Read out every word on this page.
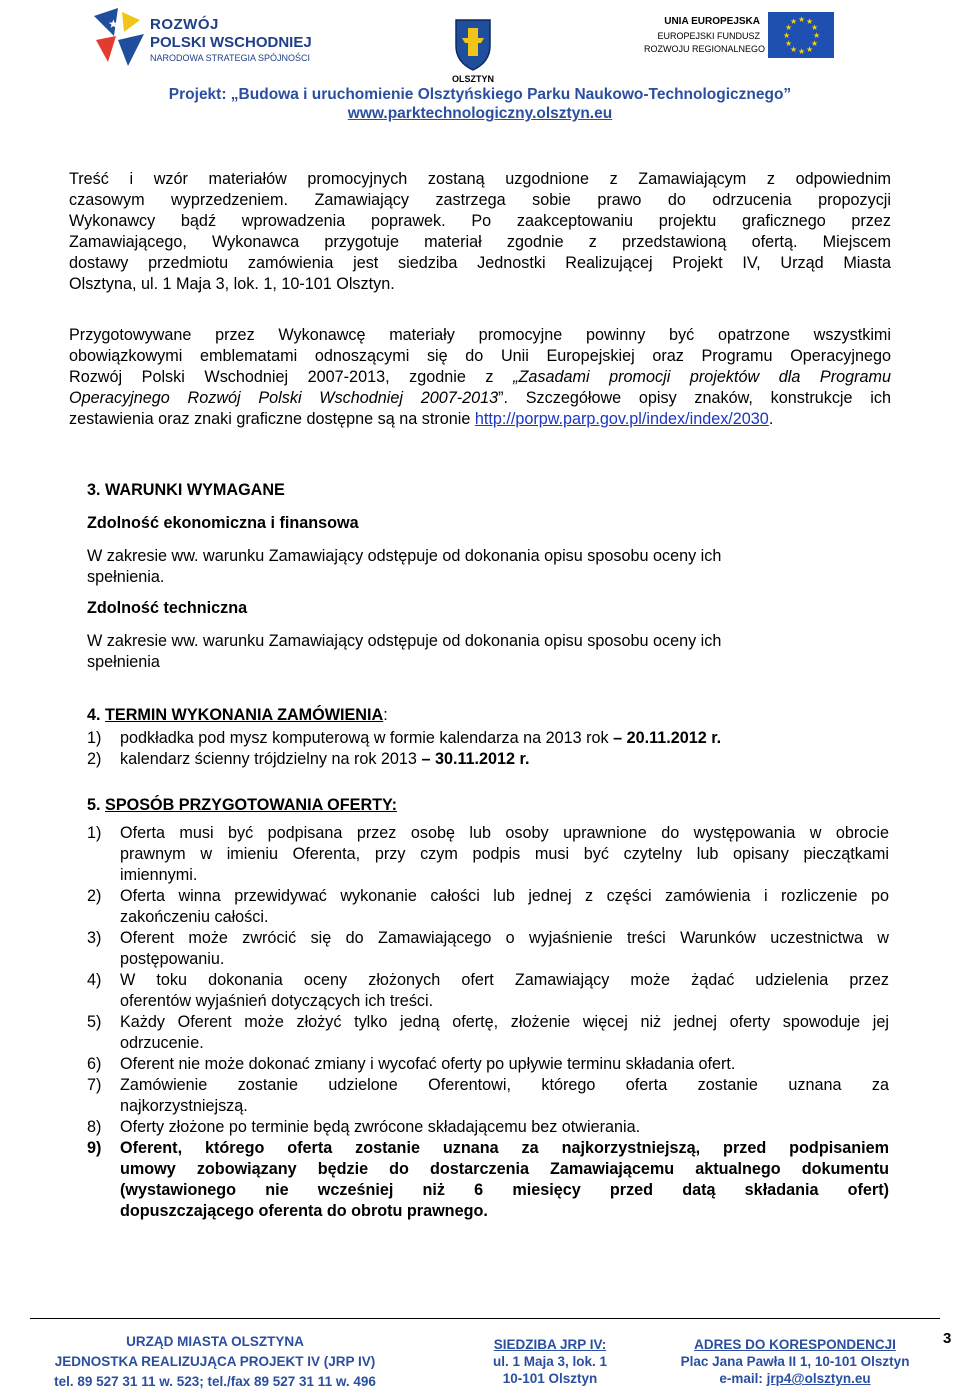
★ ROZWÓJ
POLSKI WSCHODNIEJ
NARODOWA STRATEGIA SPÓJNOŚCI
OLSZTYN
UNIA EUROPEJSKA
EUROPEJSKI FUNDUSZ
ROZWOJU REGIONALNEGO
★ ★
★
★
★
★
★
★
★
★
★
★
Projekt: „Budowa i uruchomienie Olsztyńskiego Parku Naukowo-Technologicznego”
www.parktechnologiczny.olsztyn.eu
Treść i wzór materiałów promocyjnych zostaną uzgodnione z Zamawiającym z odpowiednim
czasowym wyprzedzeniem. Zamawiający zastrzega sobie prawo do odrzucenia propozycji
Wykonawcy bądź wprowadzenia poprawek. Po zaakceptowaniu projektu graficznego przez
Zamawiającego, Wykonawca przygotuje materiał zgodnie z przedstawioną ofertą. Miejscem
dostawy przedmiotu zamówienia jest siedziba Jednostki Realizującej Projekt IV, Urząd Miasta
Olsztyna, ul. 1 Maja 3, lok. 1, 10-101 Olsztyn.
Przygotowywane przez Wykonawcę materiały promocyjne powinny być opatrzone wszystkimi
obowiązkowymi emblematami odnoszącymi się do Unii Europejskiej oraz Programu Operacyjnego
Rozwój Polski Wschodniej 2007-2013, zgodnie z „Zasadami promocji projektów dla Programu
Operacyjnego Rozwój Polski Wschodniej 2007-2013”. Szczegółowe opisy znaków, konstrukcje ich
zestawienia oraz znaki graficzne dostępne są na stronie http://porpw.parp.gov.pl/index/index/2030.
3. WARUNKI WYMAGANE
Zdolność ekonomiczna i finansowa
W zakresie ww. warunku Zamawiający odstępuje od dokonania opisu sposobu oceny ich
spełnienia.
Zdolność techniczna
W zakresie ww. warunku Zamawiający odstępuje od dokonania opisu sposobu oceny ich
spełnienia
4. TERMIN WYKONANIA ZAMÓWIENIA:
1) podkładka pod mysz komputerową w formie kalendarza na 2013 rok – 20.11.2012 r.
2) kalendarz ścienny trójdzielny na rok 2013 – 30.11.2012 r.
5. SPOSÓB PRZYGOTOWANIA OFERTY:
1) Oferta musi być podpisana przez osobę lub osoby uprawnione do występowania w obrocie
prawnym w imieniu Oferenta, przy czym podpis musi być czytelny lub opisany pieczątkami
imiennymi.
2) Oferta winna przewidywać wykonanie całości lub jednej z części zamówienia i rozliczenie po
zakończeniu całości.
3) Oferent może zwrócić się do Zamawiającego o wyjaśnienie treści Warunków uczestnictwa w
postępowaniu.
4) W toku dokonania oceny złożonych ofert Zamawiający może żądać udzielenia przez
oferentów wyjaśnień dotyczących ich treści.
5) Każdy Oferent może złożyć tylko jedną ofertę, złożenie więcej niż jednej oferty spowoduje jej
odrzucenie.
6) Oferent nie może dokonać zmiany i wycofać oferty po upływie terminu składania ofert.
7) Zamówienie zostanie udzielone Oferentowi, którego oferta zostanie uznana za
najkorzystniejszą.
8) Oferty złożone po terminie będą zwrócone składającemu bez otwierania.
9) Oferent, którego oferta zostanie uznana za najkorzystniejszą, przed podpisaniem
umowy zobowiązany będzie do dostarczenia Zamawiającemu aktualnego dokumentu
(wystawionego nie wcześniej niż 6 miesięcy przed datą składania ofert)
dopuszczającego oferenta do obrotu prawnego.
URZĄD MIASTA OLSZTYNA
JEDNOSTKA REALIZUJĄCA PROJEKT IV (JRP IV)
tel. 89 527 31 11 w. 523; tel./fax 89 527 31 11 w. 496
SIEDZIBA JRP IV:
ul. 1 Maja 3, lok. 1
10-101 Olsztyn
ADRES DO KORESPONDENCJI
Plac Jana Pawła II 1, 10-101 Olsztyn
e-mail: jrp4@olsztyn.eu
3
